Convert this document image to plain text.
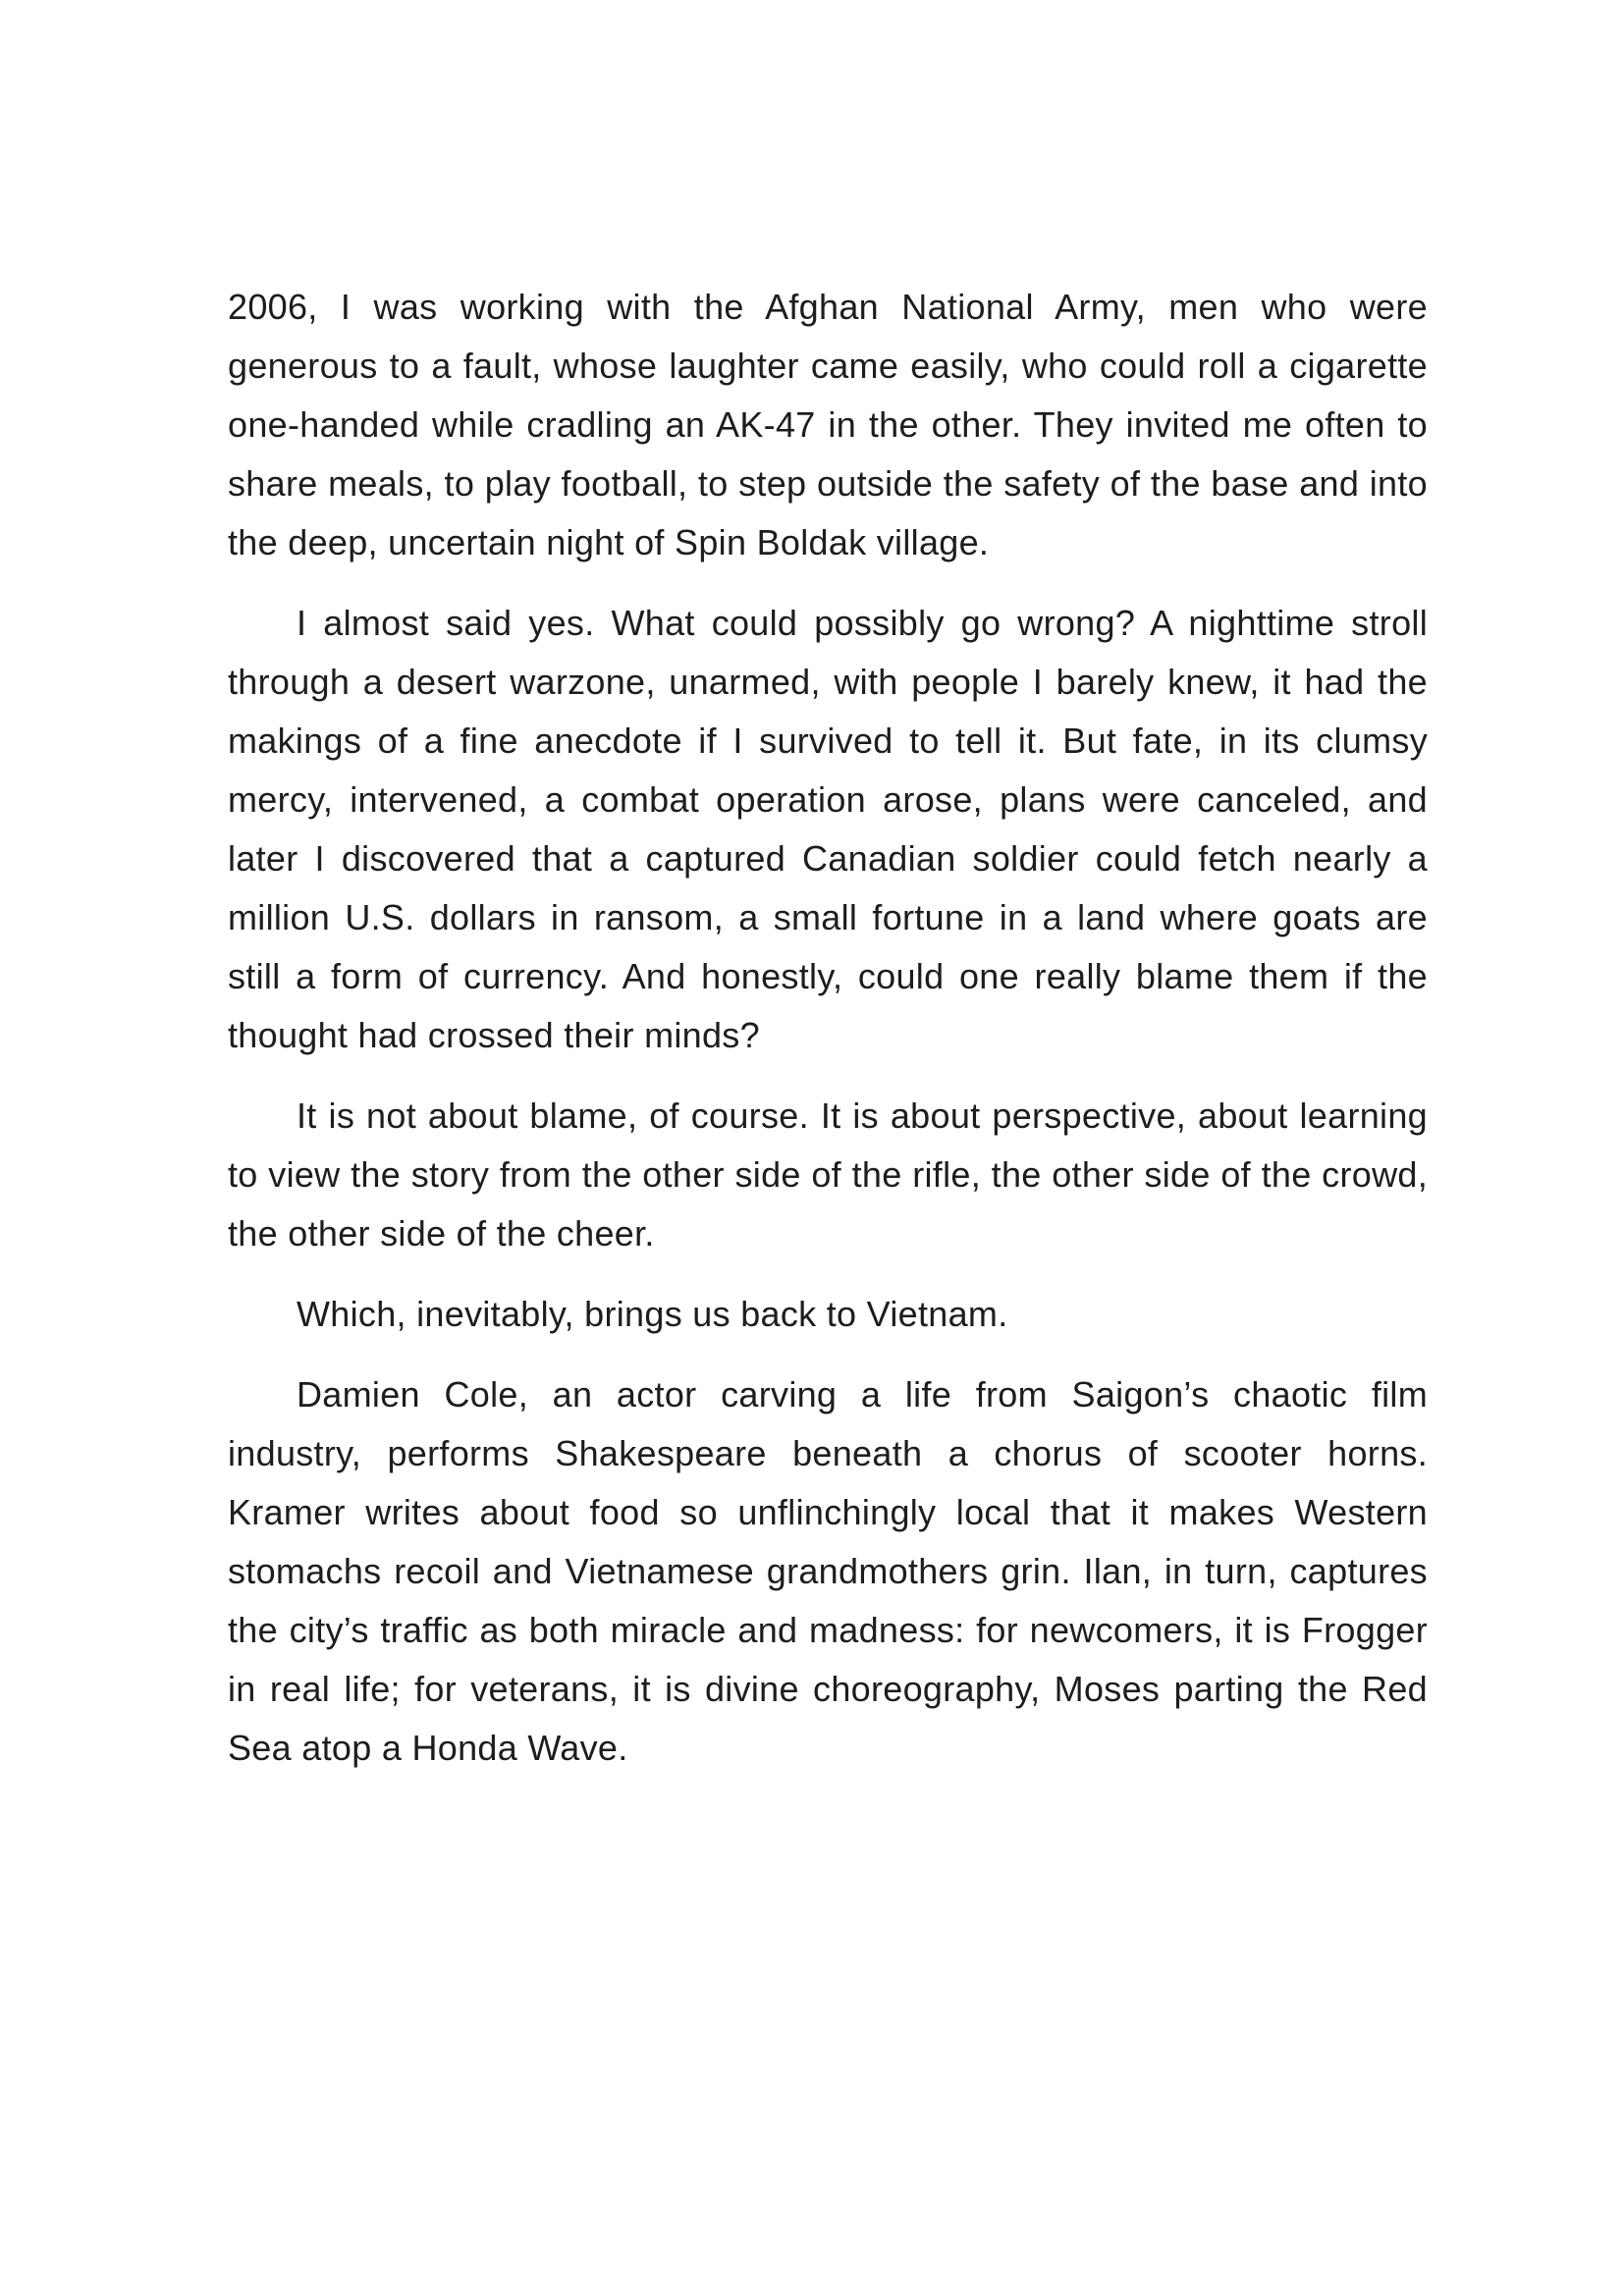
2006, I was working with the Afghan National Army, men who were generous to a fault, whose laughter came easily, who could roll a cigarette one-handed while cradling an AK-47 in the other. They invited me often to share meals, to play football, to step outside the safety of the base and into the deep, uncertain night of Spin Boldak village.

I almost said yes. What could possibly go wrong? A nighttime stroll through a desert warzone, unarmed, with people I barely knew, it had the makings of a fine anecdote if I survived to tell it. But fate, in its clumsy mercy, intervened, a combat operation arose, plans were canceled, and later I discovered that a captured Canadian soldier could fetch nearly a million U.S. dollars in ransom, a small fortune in a land where goats are still a form of currency. And honestly, could one really blame them if the thought had crossed their minds?

It is not about blame, of course. It is about perspective, about learning to view the story from the other side of the rifle, the other side of the crowd, the other side of the cheer.

Which, inevitably, brings us back to Vietnam.

Damien Cole, an actor carving a life from Saigon’s chaotic film industry, performs Shakespeare beneath a chorus of scooter horns. Kramer writes about food so unflinchingly local that it makes Western stomachs recoil and Vietnamese grandmothers grin. Ilan, in turn, captures the city’s traffic as both miracle and madness: for newcomers, it is Frogger in real life; for veterans, it is divine choreography, Moses parting the Red Sea atop a Honda Wave.
